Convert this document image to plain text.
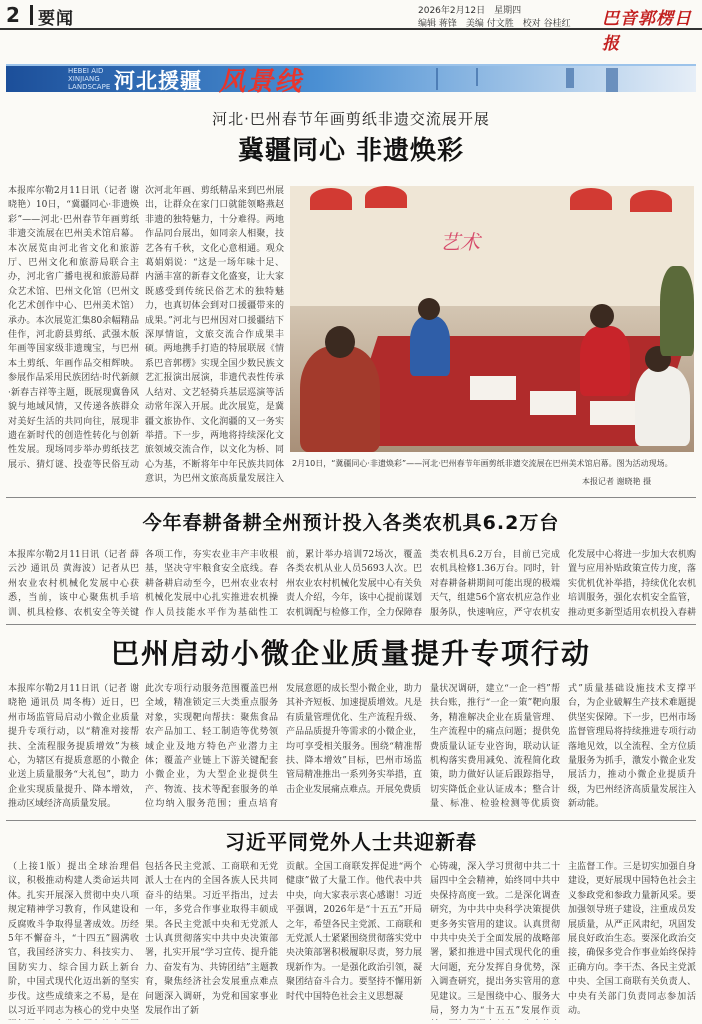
2 要闻	2026年2月12日　星期四
编辑 蒋锋　美编 付文胜　校对 谷桂红 巴音郭楞日报
HEBEI AID XINJIANG LANDSCAPE 河北援疆 风景线
河北·巴州春节年画剪纸非遗交流展开展
冀疆同心 非遗焕彩
本报库尔勒2月11日讯（记者 谢晓艳）10日，“冀疆同心·非遗焕彩”——河北·巴州春节年画剪纸非遗交流展在巴州美术馆启幕。本次展览由河北省文化和旅游厅、巴州文化和旅游局联合主办，河北省广播电视和旅游局群众艺术馆、巴州文化馆（巴州文化艺术创作中心、巴州美术馆）承办。本次展览汇集80余幅精品佳作，河北蔚县剪纸、武强木版年画等国家级非遗瑰宝，与巴州本土剪纸、年画作品交相辉映。参展作品采用民族团结·时代新颜·新春吉祥等主题，既展现冀鲁风貌与地域风情，又传递各族群众对美好生活的共同向往，展现非遗在新时代的创造性转化与创新性发展。现场同步举办剪纸技艺展示、猜灯谜、投壶等民俗互动
次河北年画、剪纸精品来到巴州展出，让群众在家门口就能领略燕赵非遗的独特魅力，十分难得。两地作品同台展出，如同亲人相聚，技艺各有千秋，文化心意相通。观众葛娟娟说：“这是一场年味十足、内涵丰富的新春文化盛宴，让大家既感受到传统民俗艺术的独特魅力，也真切体会到对口援疆带来的成果。”河北与巴州因对口援疆结下深厚情谊，文旅交流合作成果丰硕。两地携手打造的特展联展《情系巴音郭楞》实现全国少数民族文艺汇报演出展演，非遗代表性传承人结对、文艺轻骑兵基层巡演等活动常年深入开展。此次展览，是冀疆文旅协作、文化润疆的又一务实举措。下一步，两地将持续深化文旅领域交流合作，以文化为桥、同心为基，不断将年中年民族共同体意识，为巴州文旅高质量发展注入
艺术
2月10日，“冀疆同心·非遗焕彩”——河北·巴州春节年画剪纸非遗交流展在巴州美术馆启幕。图为活动现场。
本报记者 谢晓艳 摄
今年春耕备耕全州预计投入各类农机具6.2万台
本报库尔勒2月11日讯（记者 薛云沙 通讯员 黄海波）记者从巴州农业农村机械化发展中心获悉，当前，该中心聚焦机手培训、机具检修、农机安全等关键
各项工作，夯实农业丰产丰收根基，坚决守牢粮食安全底线。春耕备耕启动至今，巴州农业农村机械化发展中心扎实推进农机操作人员技能水平作为基础性工
前，累计举办培训72场次，覆盖各类农机从业人员5693人次。巴州农业农村机械化发展中心有关负责人介绍，今年，该中心提前谋划农机调配与检修工作，全力保障春
类农机具6.2万台，目前已完成农机具检修1.36万台。同时，针对春耕备耕期间可能出现的极端天气，组建56个富农机应急作业服务队，快速响应，严守农机安
化发展中心将进一步加大农机购置与应用补贴政策宣传力度，落实优机优补举措，持续优化农机培训服务，强化农机安全监管，推动更多新型适用农机投入春耕
巴州启动小微企业质量提升专项行动
本报库尔勒2月11日讯（记者 谢晓艳 通讯员 周冬梅）近日，巴州市场监管局启动小微企业质量提升专项行动，以“精准对接帮扶、全流程服务提质增效”为核心，为辖区有提质意愿的小微企业送上质量服务“大礼包”，助力企业实现质量提升、降本增效，推动区域经济高质量发展。
此次专项行动服务范围覆盖巴州全域，精准锁定三大类重点服务对象，实现靶向帮扶：聚焦食品农产品加工、轻工制造等优势领域企业及地方特色产业潜力主体；覆盖产业链上下游关键配套小微企业，为大型企业提供生产、物流、技术等配套服务的单位均纳入服务范围；重点培育
发展意愿的成长型小微企业，助力其补齐短板、加速提质增效。凡是有质量管理优化、生产流程升级、产品品质提升等需求的小微企业，均可享受相关服务。围绕“精准帮扶、降本增效”目标，巴州市场监管局精准推出一系列务实举措，直击企业发展痛点难点。开展免费质
量状况调研，建立“一企一档”帮扶台账，推行“一企一策”靶向服务，精准解决企业在质量管理、生产流程中的痛点问题；提供免费质量认证专业咨询，联动认证机构落实费用减免、流程简化政策，助力做好认证后跟踪指导，切实降低企业认证成本；整合计量、标准、检验检测等优质资
式”质量基础设施技术支撑平台，为企业破解生产技术难题提供坚实保障。下一步，巴州市场监督管理局将持续推进专项行动落地见效，以全流程、全方位质量服务为抓手，激发小微企业发展活力，推动小微企业提质升级，为巴州经济高质量发展注入新动能。
习近平同党外人士共迎新春
（上接1版）提出全球治理倡议，积极推动构建人类命运共同体。扎实开展深入贯彻中央八项规定精神学习教育，作风建设和反腐败斗争取得显著成效。历经5年不懈奋斗，“十四五”圆满收官，我国经济实力、科技实力、国防实力、综合国力跃上新台阶，中国式现代化迈出新的坚实步伐。这些成绩来之不易，是在以习近平同志为核心的党中央坚
包括各民主党派、工商联和无党派人士在内的全国各族人民共同奋斗的结果。习近平指出，过去一年，多党合作事业取得丰硕成果。各民主党派中央和无党派人士认真贯彻落实中共中央决策部署，扎实开展“学习宣传、提升能力、奋发有为、共铸团结”主题教育，聚焦经济社会发展重点难点问题深入调研，为党和国家事业发展作出了新
贡献。全国工商联发挥促进“两个健康”做了大量工作。他代表中共中央，向大家表示衷心感谢！习近平强调，2026年是“十五五”开局之年，希望各民主党派、工商联和无党派人士紧紧围绕贯彻落实党中央决策部署积极履职尽责，努力展现新作为。一是强化政治引领，凝聚团结奋斗合力。要坚持不懈用新时代中国特色社会主义思想凝
心铸魂，深入学习贯彻中共二十届四中全会精神，始终同中共中央保持高度一致。二是深化调查研究，为中共中央科学决策提供更多务实管用的建议。认真贯彻中共中央关于全面发展的战略部署，紧扣推进中国式现代化的重大问题，充分发挥自身优势，深入调查研究，提出务实管用的意见建议。三是围绕中心、服务大局，努力为“十五五”发展作贡
主监督工作。三是切实加强自身建设，更好展现中国特色社会主义参政党和参政力量新风采。要加强领导班子建设，注重成员发展质量，从严正风肃纪，巩固发展良好政治生态。要深化政治交接，确保多党合作事业始终保持正确方向。李干杰、各民主党派中央、全国工商联有关负责人、中央有关部门负责同志参加活动。
